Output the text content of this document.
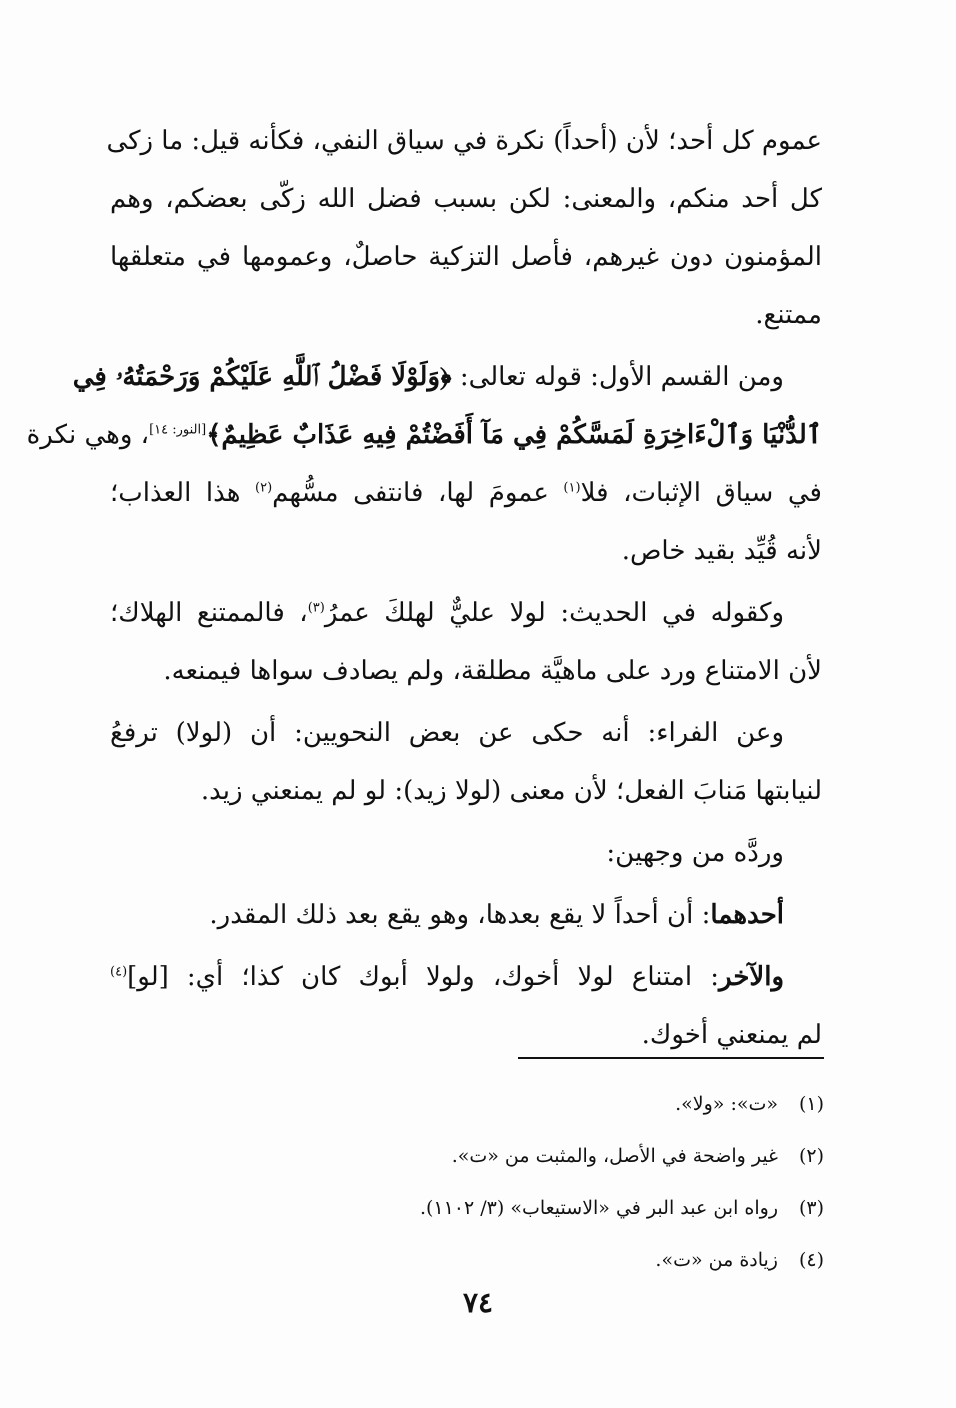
عموم كل أحد؛ لأن (أحداً) نكرة في سياق النفي، فكأنه قيل: ما زكى
كل أحد منكم، والمعنى: لكن بسبب فضل الله زكّى بعضكم، وهم
المؤمنون دون غيرهم، فأصل التزكية حاصلٌ، وعمومها في متعلقها
ممتنع.

ومن القسم الأول: قوله تعالى: ﴿وَلَوْلَا فَضْلُ ٱللَّهِ عَلَيْكُمْ وَرَحْمَتُهُۥ فِي
ٱلدُّنْيَا وَٱلْءَاخِرَةِ لَمَسَّكُمْ فِي مَآ أَفَضْتُمْ فِيهِ عَذَابٌ عَظِيمٌ﴾[النور: ١٤]، وهي نكرة
في سياق الإثبات، فلا$^{(١)}$ عمومَ لها، فانتفى مسُّهم$^{(٢)}$ هذا العذاب؛
لأنه قُيِّد بقيد خاص.

وكقوله في الحديث: لولا عليٌّ لهلكَ عمرُ$^{(٣)}$، فالممتنع الهلاك؛
لأن الامتناع ورد على ماهيَّة مطلقة، ولم يصادف سواها فيمنعه.

وعن الفراء: أنه حكى عن بعض النحويين: أن (لولا) ترفعُ
لنيابتها مَنابَ الفعل؛ لأن معنى (لولا زيد): لو لم يمنعني زيد.

وردَّه من وجهين:

أحدهما: أن أحداً لا يقع بعدها، وهو يقع بعد ذلك المقدر.

والآخر: امتناع لولا أخوك، ولولا أبوك كان كذا؛ أي: [لو]$^{(٤)}$
لم يمنعني أخوك.

(١)«ت»: «ولا».
(٢)غير واضحة في الأصل، والمثبت من «ت».
(٣)رواه ابن عبد البر في «الاستيعاب» (٣/ ١١٠٢).
(٤)زيادة من «ت».
٧٤
